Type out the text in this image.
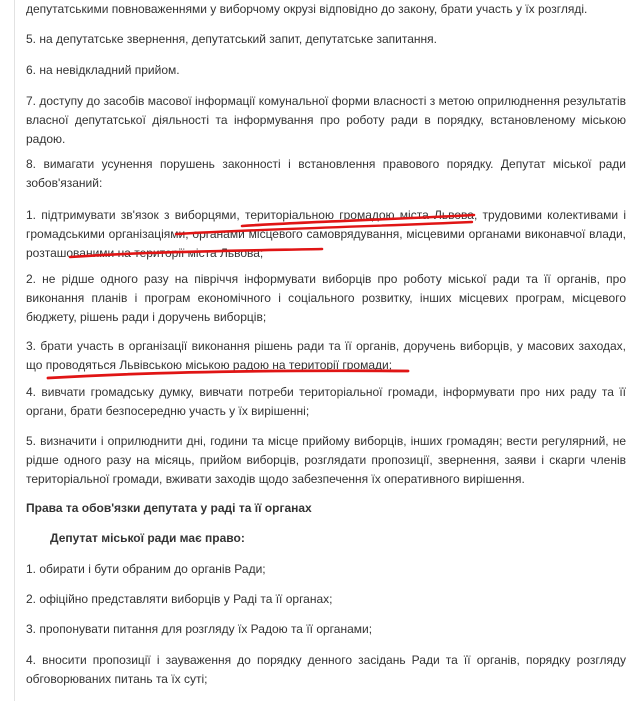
депутатськими повноваженнями у виборчому окрузі відповідно до закону, брати участь у їх розгляді.

5. на депутатське звернення, депутатський запит, депутатське запитання.

6. на невідкладний прийом.

7. доступу до засобів масової інформації комунальної форми власності з метою оприлюднення результатів власної депутатської діяльності та інформування про роботу ради в порядку, встановленому міською радою.

8. вимагати усунення порушень законності і встановлення правового порядку. Депутат міської ради зобов'язаний:

1. підтримувати зв'язок з виборцями, територіальною громадою міста Львова, трудовими колективами і громадськими організаціями, органами місцевого самоврядування, місцевими органами виконавчої влади, розташованими на території міста Львова;

2. не рідше одного разу на півріччя інформувати виборців про роботу міської ради та її органів, про виконання планів і програм економічного і соціального розвитку, інших місцевих програм, місцевого бюджету, рішень ради і доручень виборців;

3. брати участь в організації виконання рішень ради та її органів, доручень виборців, у масових заходах, що проводяться Львівською міською радою на території громади;

4. вивчати громадську думку, вивчати потреби територіальної громади, інформувати про них раду та її органи, брати безпосередню участь у їх вирішенні;

5. визначити і оприлюднити дні, години та місце прийому виборців, інших громадян; вести регулярний, не рідше одного разу на місяць, прийом виборців, розглядати пропозиції, звернення, заяви і скарги членів територіальної громади, вживати заходів щодо забезпечення їх оперативного вирішення.

Права та обов'язки депутата у раді та її органах

Депутат міської ради має право:

1. обирати і бути обраним до органів Ради;

2. офіційно представляти виборців у Раді та її органах;

3. пропонувати питання для розгляду їх Радою та її органами;

4. вносити пропозиції і зауваження до порядку денного засідань Ради та її органів, порядку розгляду обговорюваних питань та їх суті;
